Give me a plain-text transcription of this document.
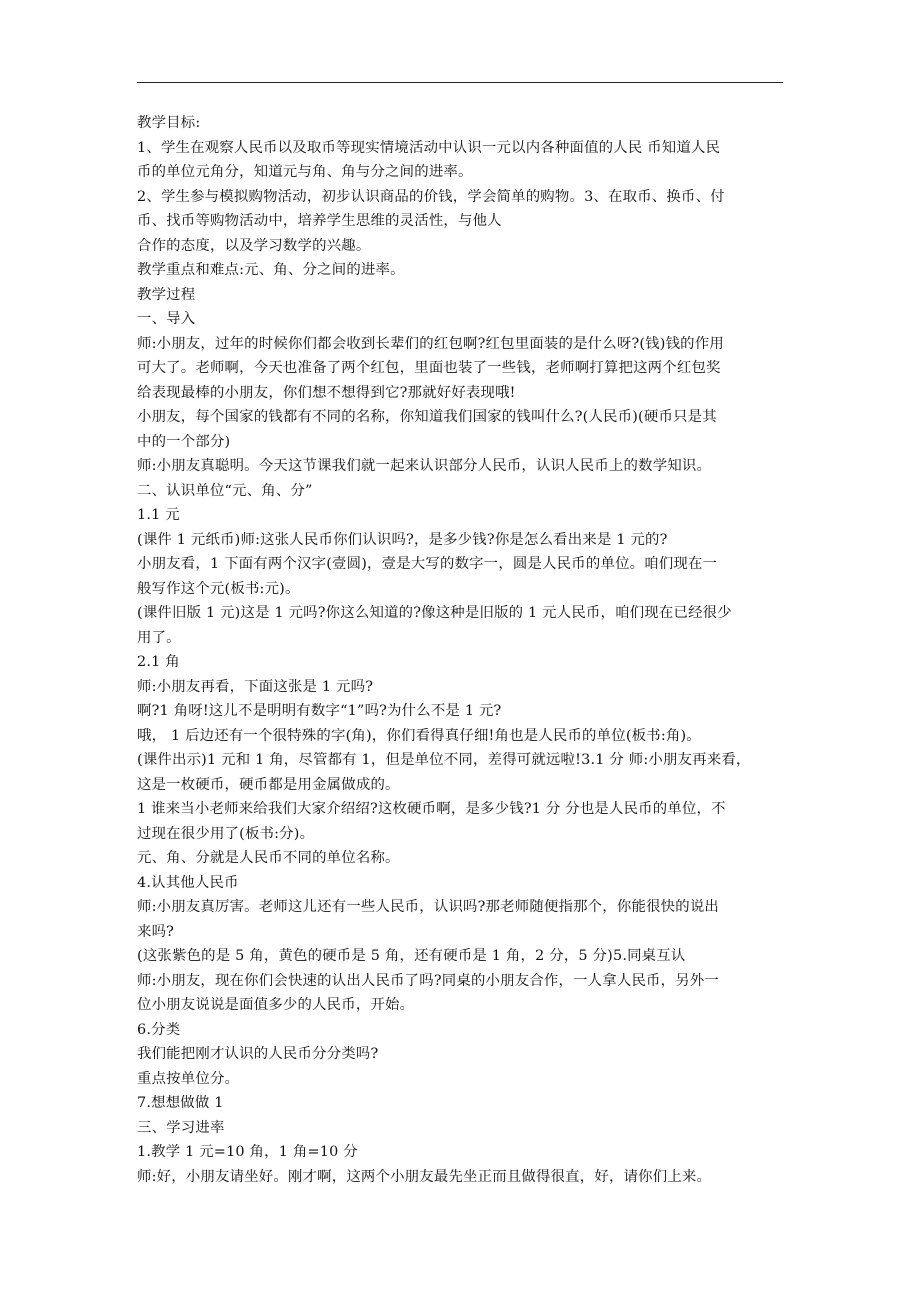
教学目标:
1、学生在观察人民币以及取币等现实情境活动中认识一元以内各种面值的人民 币知道人民
币的单位元角分，知道元与角、角与分之间的进率。
2、学生参与模拟购物活动，初步认识商品的价钱，学会简单的购物。3、在取币、换币、付
币、找币等购物活动中，培养学生思维的灵活性，与他人
合作的态度，以及学习数学的兴趣。
教学重点和难点:元、角、分之间的进率。
教学过程
一、导入
师:小朋友，过年的时候你们都会收到长辈们的红包啊?红包里面装的是什么呀?(钱)钱的作用
可大了。老师啊，今天也准备了两个红包，里面也装了一些钱，老师啊打算把这两个红包奖
给表现最棒的小朋友，你们想不想得到它?那就好好表现哦!
小朋友，每个国家的钱都有不同的名称，你知道我们国家的钱叫什么?(人民币)(硬币只是其
中的一个部分)
师:小朋友真聪明。今天这节课我们就一起来认识部分人民币，认识人民币上的数学知识。
二、认识单位“元、角、分”
1.1 元
(课件 1 元纸币)师:这张人民币你们认识吗?，是多少钱?你是怎么看出来是 1 元的?
小朋友看，1 下面有两个汉字(壹圆)，壹是大写的数字一，圆是人民币的单位。咱们现在一
般写作这个元(板书:元)。
(课件旧版 1 元)这是 1 元吗?你这么知道的?像这种是旧版的 1 元人民币，咱们现在已经很少
用了。
2.1 角
师:小朋友再看，下面这张是 1 元吗?
啊?1 角呀!这儿不是明明有数字“1”吗?为什么不是 1 元?
哦， 1 后边还有一个很特殊的字(角)，你们看得真仔细!角也是人民币的单位(板书:角)。
(课件出示)1 元和 1 角，尽管都有 1，但是单位不同，差得可就远啦!3.1 分 师:小朋友再来看，
这是一枚硬币，硬币都是用金属做成的。
1 谁来当小老师来给我们大家介绍绍?这枚硬币啊，是多少钱?1 分 分也是人民币的单位，不
过现在很少用了(板书:分)。
元、角、分就是人民币不同的单位名称。
4.认其他人民币
师:小朋友真厉害。老师这儿还有一些人民币，认识吗?那老师随便指那个，你能很快的说出
来吗?
(这张紫色的是 5 角，黄色的硬币是 5 角，还有硬币是 1 角，2 分，5 分)5.同桌互认
师:小朋友，现在你们会快速的认出人民币了吗?同桌的小朋友合作，一人拿人民币，另外一
位小朋友说说是面值多少的人民币，开始。
6.分类
我们能把刚才认识的人民币分分类吗?
重点按单位分。
7.想想做做 1
三、学习进率
1.教学 1 元=10 角，1 角=10 分
师:好，小朋友请坐好。刚才啊，这两个小朋友最先坐正而且做得很直，好，请你们上来。
